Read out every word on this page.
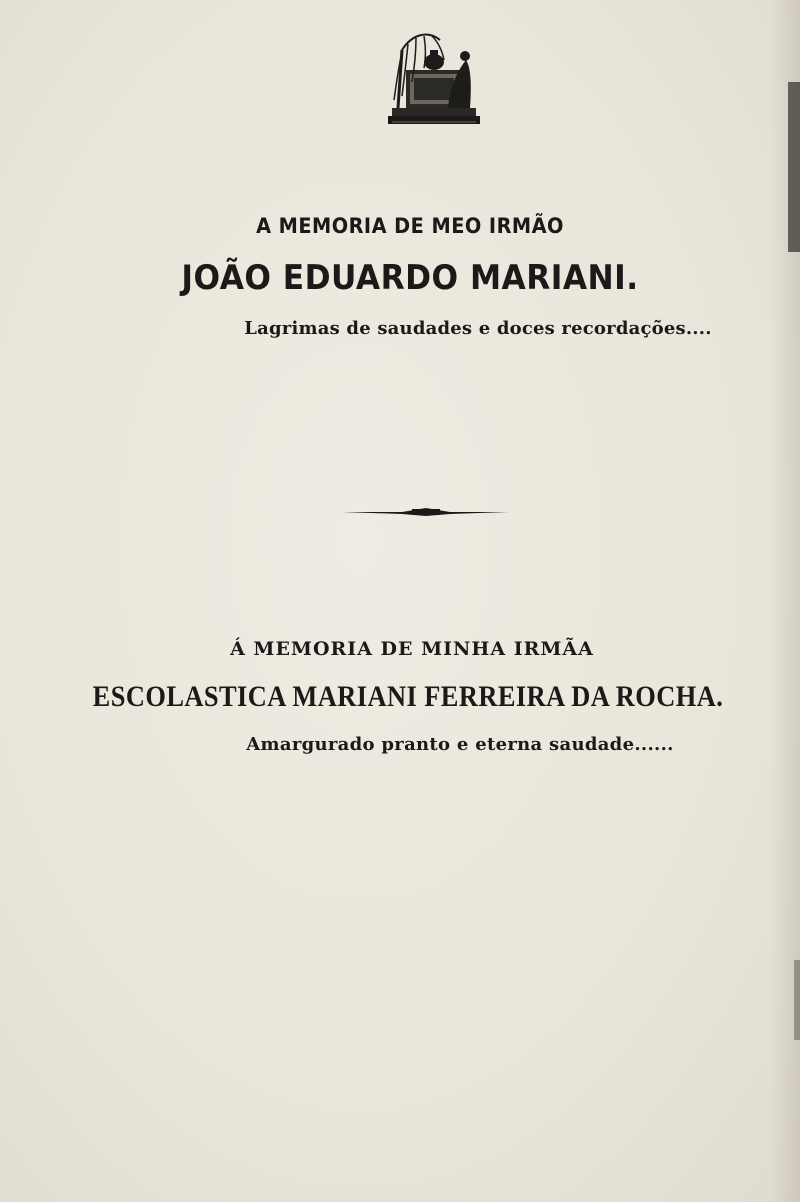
A MEMORIA DE MEO IRMÃO
JOÃO EDUARDO MARIANI.
Lagrimas de saudades e doces recordações....
Á MEMORIA DE MINHA IRMÃA
ESCOLASTICA MARIANI FERREIRA DA ROCHA.
Amargurado pranto e eterna saudade......
